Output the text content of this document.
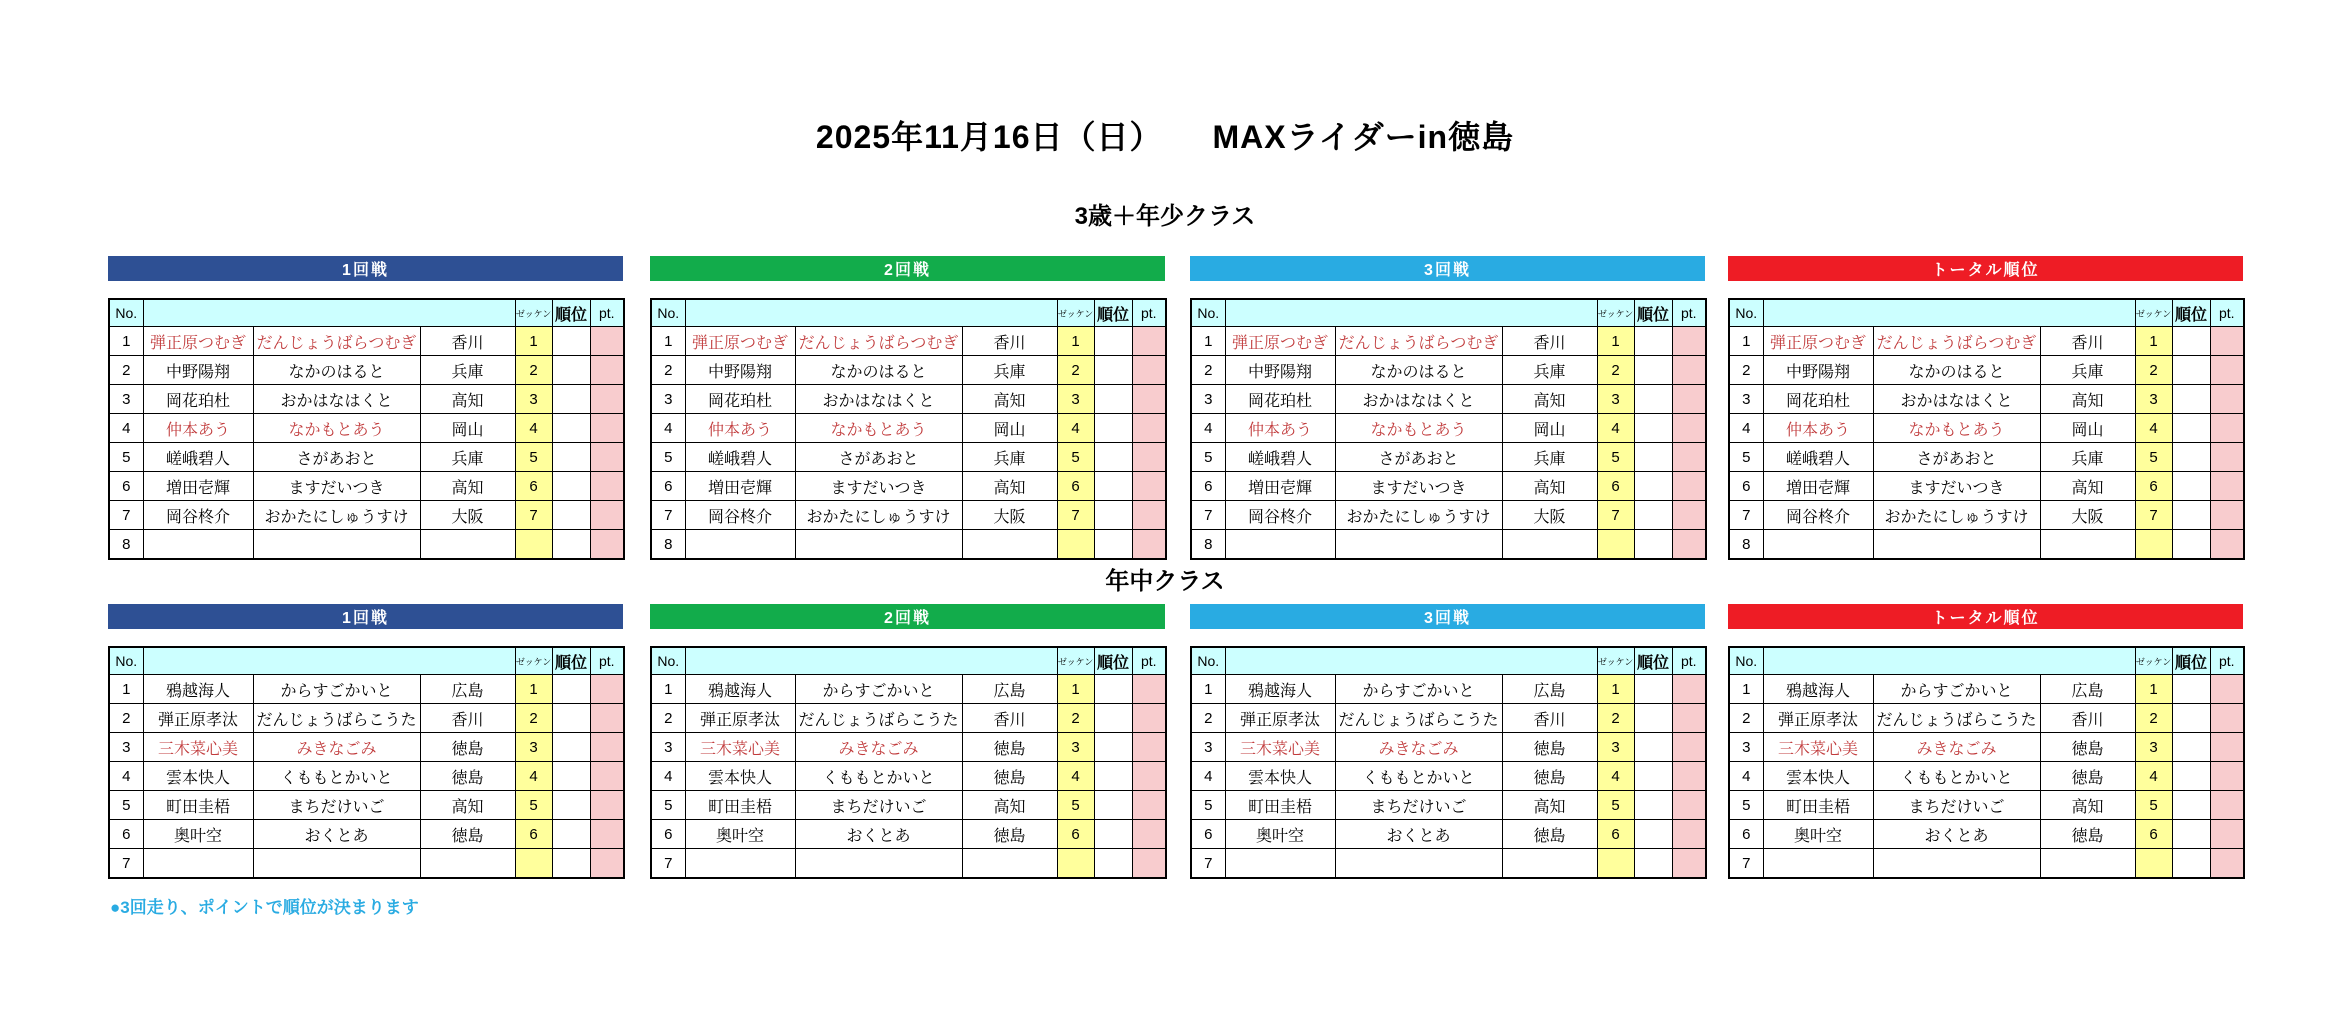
2025年11月16日（日）　　MAXライダーin徳島
3歳＋年少クラス
年中クラス
1回戦
No.				ゼッケン	順位	pt.
1	弾正原つむぎ	だんじょうばらつむぎ	香川	1		
2	中野陽翔	なかのはると	兵庫	2		
3	岡花珀杜	おかはなはくと	高知	3		
4	仲本あう	なかもとあう	岡山	4		
5	嵯峨碧人	さがあおと	兵庫	5		
6	増田壱輝	ますだいつき	高知	6		
7	岡谷柊介	おかたにしゅうすけ	大阪	7		
8						
2回戦
No.				ゼッケン	順位	pt.
1	弾正原つむぎ	だんじょうばらつむぎ	香川	1		
2	中野陽翔	なかのはると	兵庫	2		
3	岡花珀杜	おかはなはくと	高知	3		
4	仲本あう	なかもとあう	岡山	4		
5	嵯峨碧人	さがあおと	兵庫	5		
6	増田壱輝	ますだいつき	高知	6		
7	岡谷柊介	おかたにしゅうすけ	大阪	7		
8						
3回戦
No.				ゼッケン	順位	pt.
1	弾正原つむぎ	だんじょうばらつむぎ	香川	1		
2	中野陽翔	なかのはると	兵庫	2		
3	岡花珀杜	おかはなはくと	高知	3		
4	仲本あう	なかもとあう	岡山	4		
5	嵯峨碧人	さがあおと	兵庫	5		
6	増田壱輝	ますだいつき	高知	6		
7	岡谷柊介	おかたにしゅうすけ	大阪	7		
8						
トータル順位
No.				ゼッケン	順位	pt.
1	弾正原つむぎ	だんじょうばらつむぎ	香川	1		
2	中野陽翔	なかのはると	兵庫	2		
3	岡花珀杜	おかはなはくと	高知	3		
4	仲本あう	なかもとあう	岡山	4		
5	嵯峨碧人	さがあおと	兵庫	5		
6	増田壱輝	ますだいつき	高知	6		
7	岡谷柊介	おかたにしゅうすけ	大阪	7		
8						
1回戦
No.				ゼッケン	順位	pt.
1	鴉越海人	からすごかいと	広島	1		
2	弾正原孝汰	だんじょうばらこうた	香川	2		
3	三木菜心美	みきなごみ	徳島	3		
4	雲本快人	くももとかいと	徳島	4		
5	町田圭梧	まちだけいご	高知	5		
6	奥叶空	おくとあ	徳島	6		
7						
2回戦
No.				ゼッケン	順位	pt.
1	鴉越海人	からすごかいと	広島	1		
2	弾正原孝汰	だんじょうばらこうた	香川	2		
3	三木菜心美	みきなごみ	徳島	3		
4	雲本快人	くももとかいと	徳島	4		
5	町田圭梧	まちだけいご	高知	5		
6	奥叶空	おくとあ	徳島	6		
7						
3回戦
No.				ゼッケン	順位	pt.
1	鴉越海人	からすごかいと	広島	1		
2	弾正原孝汰	だんじょうばらこうた	香川	2		
3	三木菜心美	みきなごみ	徳島	3		
4	雲本快人	くももとかいと	徳島	4		
5	町田圭梧	まちだけいご	高知	5		
6	奥叶空	おくとあ	徳島	6		
7						
トータル順位
No.				ゼッケン	順位	pt.
1	鴉越海人	からすごかいと	広島	1		
2	弾正原孝汰	だんじょうばらこうた	香川	2		
3	三木菜心美	みきなごみ	徳島	3		
4	雲本快人	くももとかいと	徳島	4		
5	町田圭梧	まちだけいご	高知	5		
6	奥叶空	おくとあ	徳島	6		
7						
●3回走り、ポイントで順位が決まります
